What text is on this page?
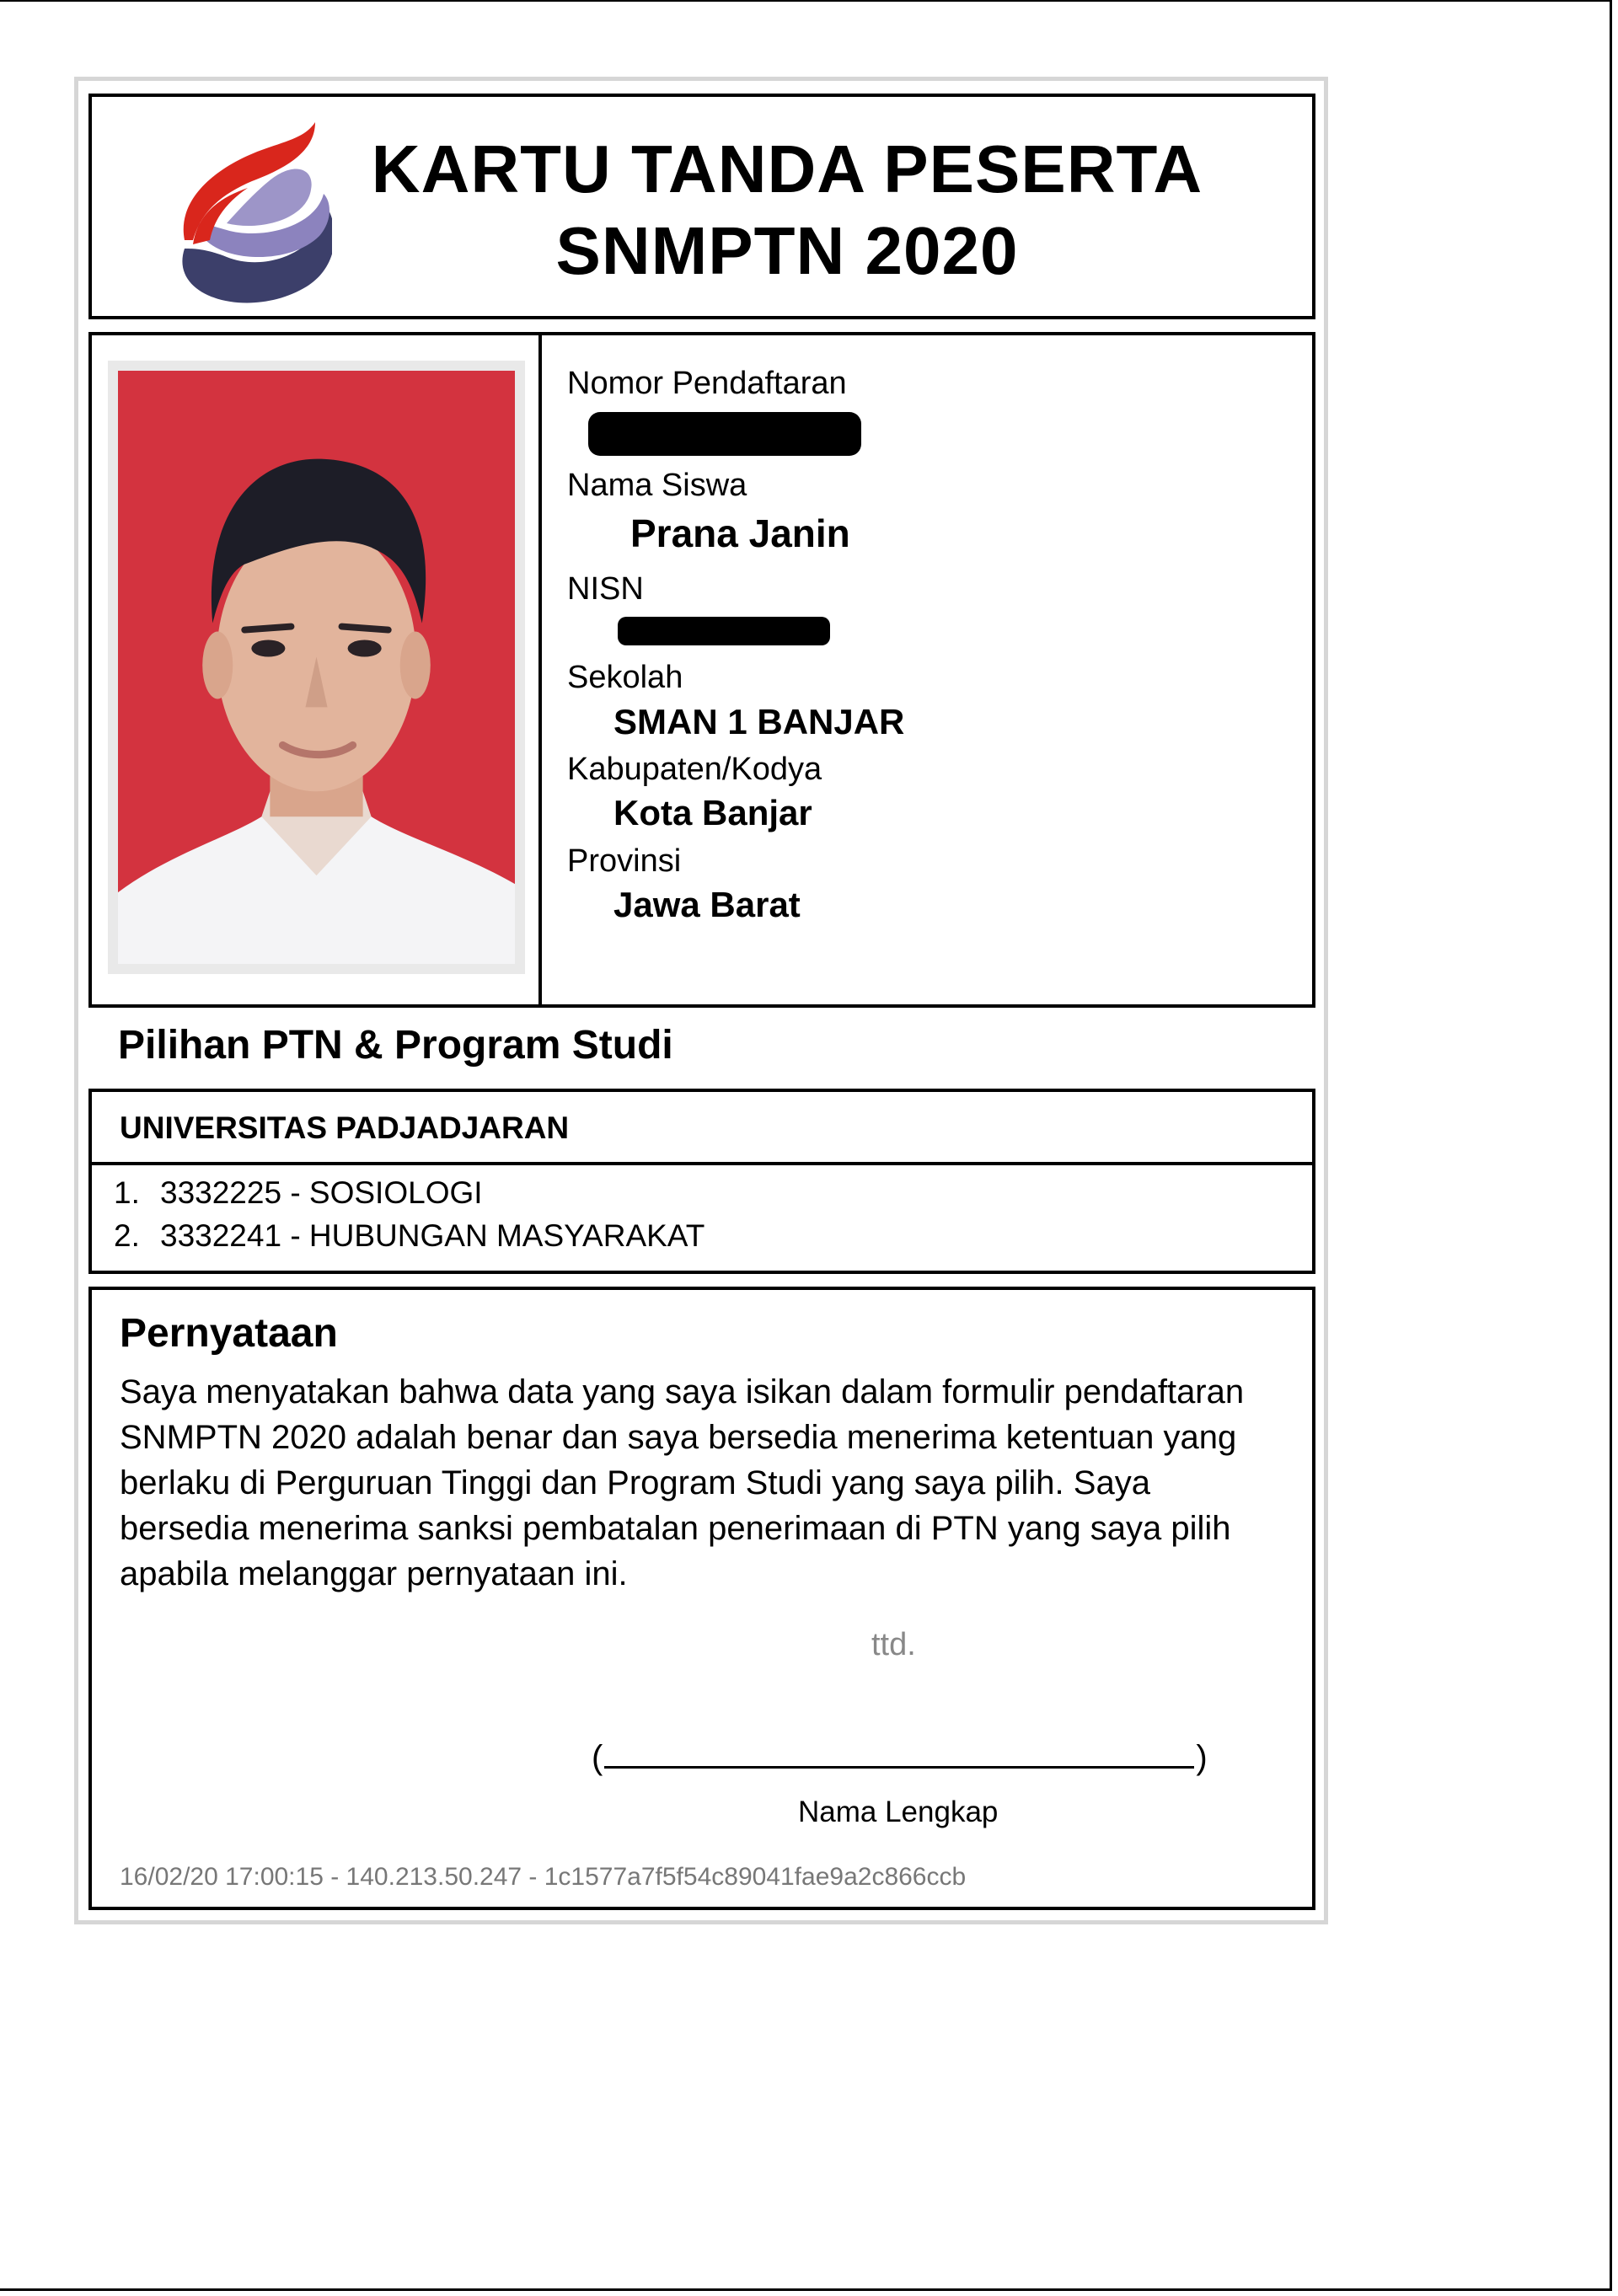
KARTU TANDA PESERTA
SNMPTN 2020
Nomor Pendaftaran
Nama Siswa
Prana Janin
NISN
Sekolah
SMAN 1 BANJAR
Kabupaten/Kodya
Kota Banjar
Provinsi
Jawa Barat
Pilihan PTN & Program Studi
UNIVERSITAS PADJADJARAN
1. 3332225 - SOSIOLOGI
2. 3332241 - HUBUNGAN MASYARAKAT
Pernyataan
Saya menyatakan bahwa data yang saya isikan dalam formulir pendaftaran
SNMPTN 2020 adalah benar dan saya bersedia menerima ketentuan yang
berlaku di Perguruan Tinggi dan Program Studi yang saya pilih. Saya
bersedia menerima sanksi pembatalan penerimaan di PTN yang saya pilih
apabila melanggar pernyataan ini.
ttd.
(	)
Nama Lengkap
16/02/20 17:00:15 - 140.213.50.247 - 1c1577a7f5f54c89041fae9a2c866ccb
